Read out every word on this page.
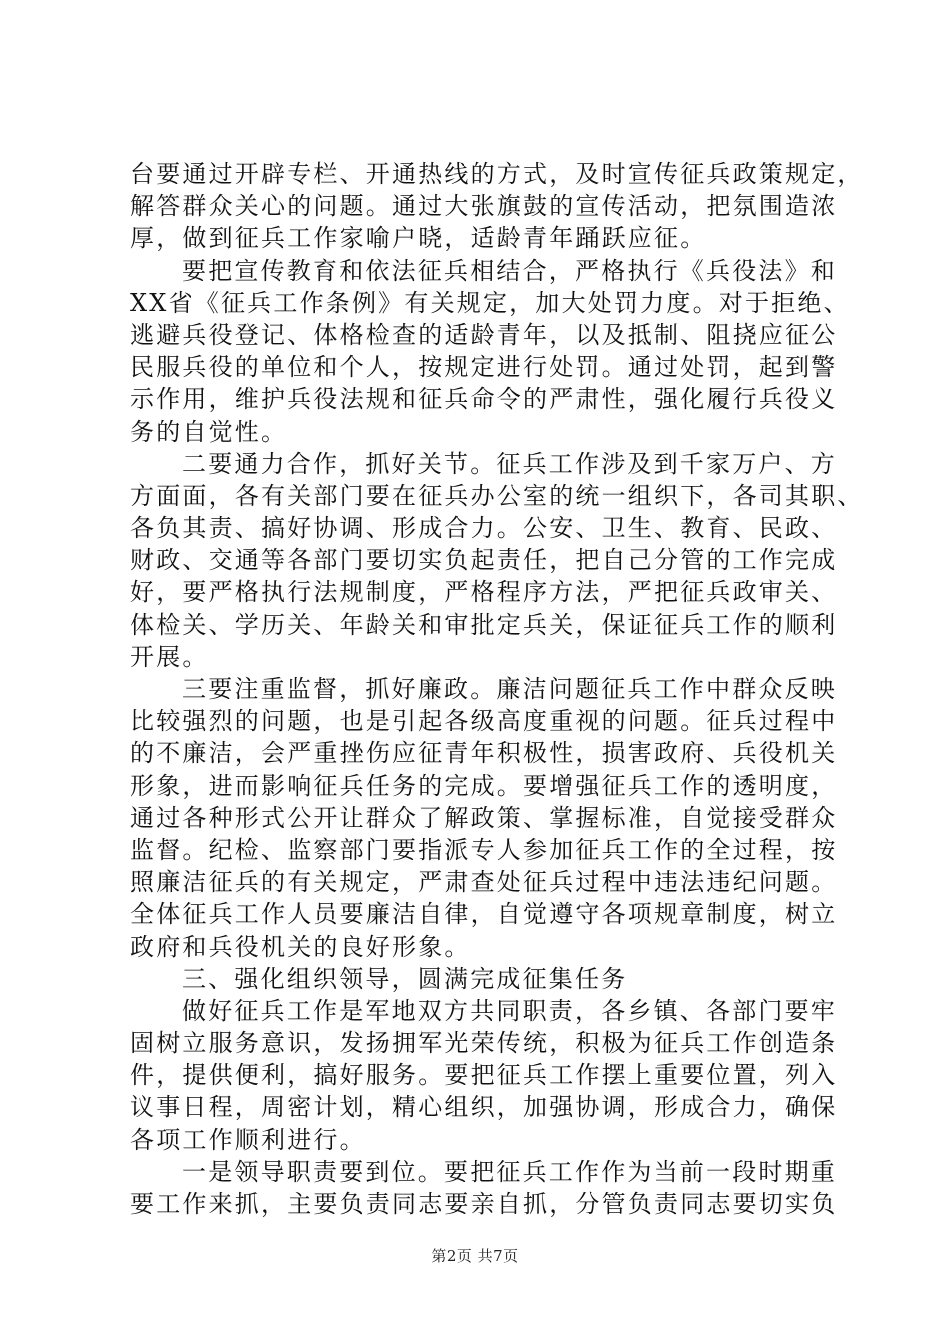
台要通过开辟专栏、开通热线的方式，及时宣传征兵政策规定，
解答群众关心的问题。通过大张旗鼓的宣传活动，把氛围造浓
厚，做到征兵工作家喻户晓，适龄青年踊跃应征。
要把宣传教育和依法征兵相结合，严格执行《兵役法》和
XX省《征兵工作条例》有关规定，加大处罚力度。对于拒绝、
逃避兵役登记、体格检查的适龄青年，以及抵制、阻挠应征公
民服兵役的单位和个人，按规定进行处罚。通过处罚，起到警
示作用，维护兵役法规和征兵命令的严肃性，强化履行兵役义
务的自觉性。
二要通力合作，抓好关节。征兵工作涉及到千家万户、方
方面面，各有关部门要在征兵办公室的统一组织下，各司其职、
各负其责、搞好协调、形成合力。公安、卫生、教育、民政、
财政、交通等各部门要切实负起责任，把自己分管的工作完成
好，要严格执行法规制度，严格程序方法，严把征兵政审关、
体检关、学历关、年龄关和审批定兵关，保证征兵工作的顺利
开展。
三要注重监督，抓好廉政。廉洁问题征兵工作中群众反映
比较强烈的问题，也是引起各级高度重视的问题。征兵过程中
的不廉洁，会严重挫伤应征青年积极性，损害政府、兵役机关
形象，进而影响征兵任务的完成。要增强征兵工作的透明度，
通过各种形式公开让群众了解政策、掌握标准，自觉接受群众
监督。纪检、监察部门要指派专人参加征兵工作的全过程，按
照廉洁征兵的有关规定，严肃查处征兵过程中违法违纪问题。
全体征兵工作人员要廉洁自律，自觉遵守各项规章制度，树立
政府和兵役机关的良好形象。
三、强化组织领导，圆满完成征集任务
做好征兵工作是军地双方共同职责，各乡镇、各部门要牢
固树立服务意识，发扬拥军光荣传统，积极为征兵工作创造条
件，提供便利，搞好服务。要把征兵工作摆上重要位置，列入
议事日程，周密计划，精心组织，加强协调，形成合力，确保
各项工作顺利进行。
一是领导职责要到位。要把征兵工作作为当前一段时期重
要工作来抓，主要负责同志要亲自抓，分管负责同志要切实负
第2页 共7页
